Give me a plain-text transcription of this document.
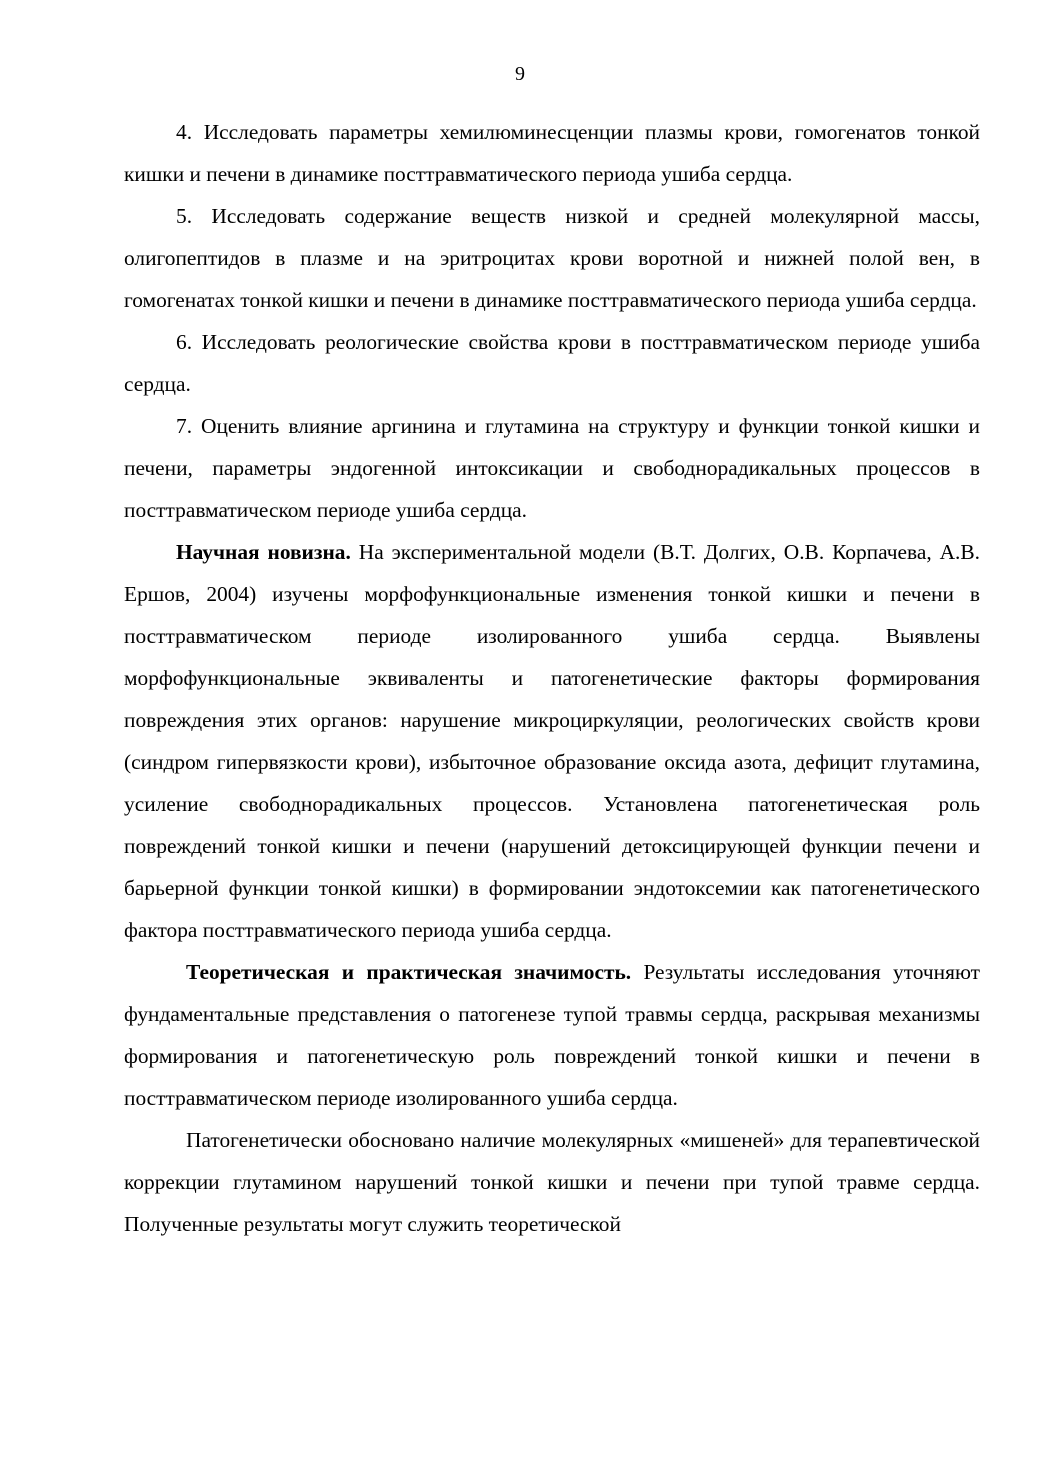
9

4. Исследовать параметры хемилюминесценции плазмы крови, гомогенатов тонкой кишки и печени в динамике посттравматического периода ушиба сердца.

5. Исследовать содержание веществ низкой и средней молекулярной массы, олигопептидов в плазме и на эритроцитах крови воротной и нижней полой вен, в гомогенатах тонкой кишки и печени в динамике посттравматического периода ушиба сердца.

6. Исследовать реологические свойства крови в посттравматическом периоде ушиба сердца.

7. Оценить влияние аргинина и глутамина на структуру и функции тонкой кишки и печени, параметры эндогенной интоксикации и свободнорадикальных процессов в посттравматическом периоде ушиба сердца.

Научная новизна. На экспериментальной модели (В.Т. Долгих, О.В. Корпачева, А.В. Ершов, 2004) изучены морфофункциональные изменения тонкой кишки и печени в посттравматическом периоде изолированного ушиба сердца. Выявлены морфофункциональные эквиваленты и патогенетические факторы формирования повреждения этих органов: нарушение микроциркуляции, реологических свойств крови (синдром гипервязкости крови), избыточное образование оксида азота, дефицит глутамина, усиление свободнорадикальных процессов. Установлена патогенетическая роль повреждений тонкой кишки и печени (нарушений детоксицирующей функции печени и барьерной функции тонкой кишки) в формировании эндотоксемии как патогенетического фактора посттравматического периода ушиба сердца.

Теоретическая и практическая значимость. Результаты исследования уточняют фундаментальные представления о патогенезе тупой травмы сердца, раскрывая механизмы формирования и патогенетическую роль повреждений тонкой кишки и печени в посттравматическом периоде изолированного ушиба сердца.

Патогенетически обосновано наличие молекулярных «мишеней» для терапевтической коррекции глутамином нарушений тонкой кишки и печени при тупой травме сердца. Полученные результаты могут служить теоретической
